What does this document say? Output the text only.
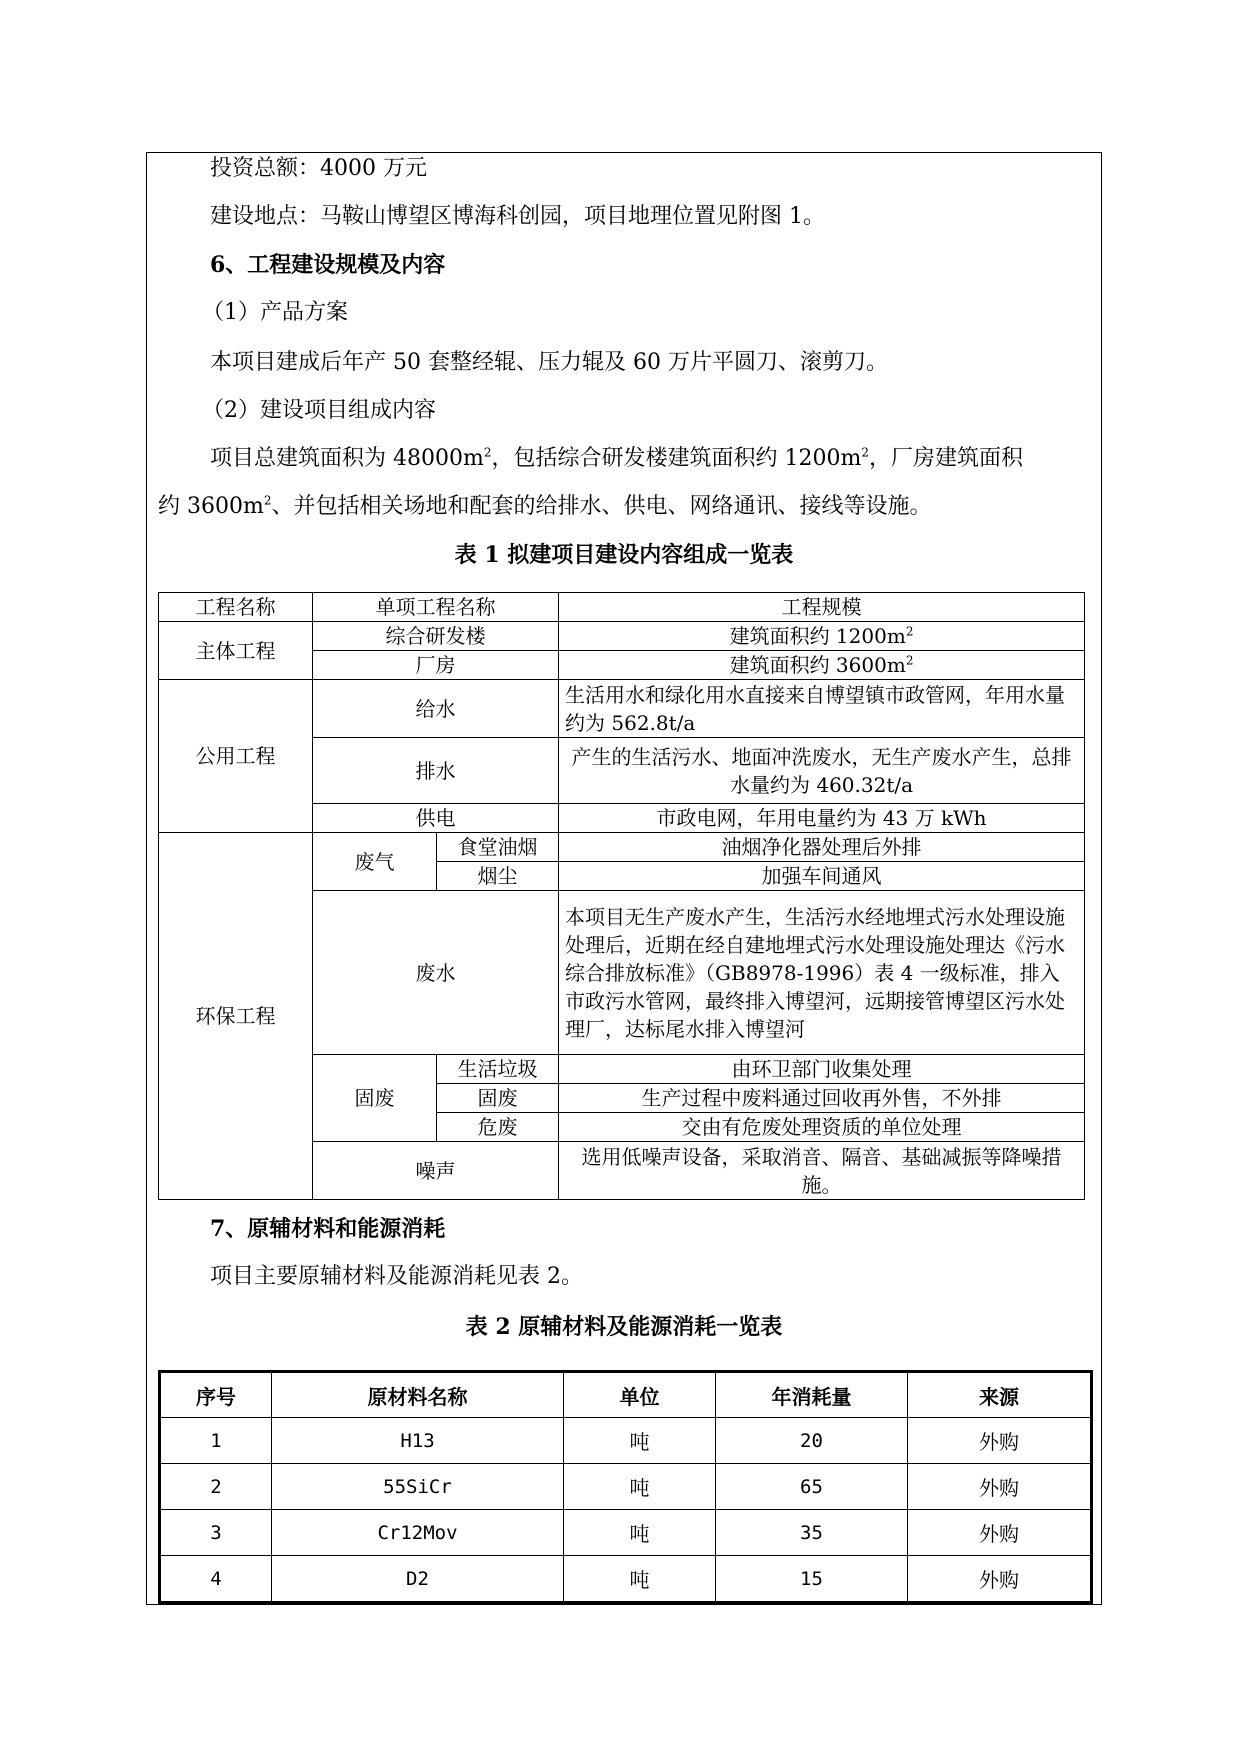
投资总额：4000 万元
建设地点：马鞍山博望区博海科创园，项目地理位置见附图 1。
6、工程建设规模及内容
（1）产品方案
本项目建成后年产 50 套整经辊、压力辊及 60 万片平圆刀、滚剪刀。
（2）建设项目组成内容
项目总建筑面积为 $48000m^2$，包括综合研发楼建筑面积约 $1200m^2$，厂房建筑面积
约 $3600m^2$、并包括相关场地和配套的给排水、供电、网络通讯、接线等设施。
表 1 拟建项目建设内容组成一览表
工程名称	单项工程名称		工程规模
主体工程	综合研发楼		建筑面积约 $1200m^2$
	厂房		建筑面积约 $3600m^2$
公用工程	给水		生活用水和绿化用水直接来自博望镇市政管网，年用水量约为 562.8t/a
	排水		产生的生活污水、地面冲洗废水，无生产废水产生，总排水量约为 460.32t/a
	供电		市政电网，年用电量约为 43 万 kWh
环保工程	废气	食堂油烟	油烟净化器处理后外排
		烟尘	加强车间通风
	废水		本项目无生产废水产生，生活污水经地埋式污水处理设施处理后，近期在经自建地埋式污水处理设施处理达《污水综合排放标准》（GB8978-1996）表 4 一级标准，排入市政污水管网，最终排入博望河，远期接管博望区污水处理厂，达标尾水排入博望河
	固废	生活垃圾	由环卫部门收集处理
		固废	生产过程中废料通过回收再外售，不外排
		危废	交由有危废处理资质的单位处理
	噪声		选用低噪声设备，采取消音、隔音、基础减振等降噪措施。
7、原辅材料和能源消耗
项目主要原辅材料及能源消耗见表 2。
表 2 原辅材料及能源消耗一览表
序号	原材料名称	单位	年消耗量	来源
1	H13	吨	20	外购
2	55SiCr	吨	65	外购
3	Cr12Mov	吨	35	外购
4	D2	吨	15	外购
